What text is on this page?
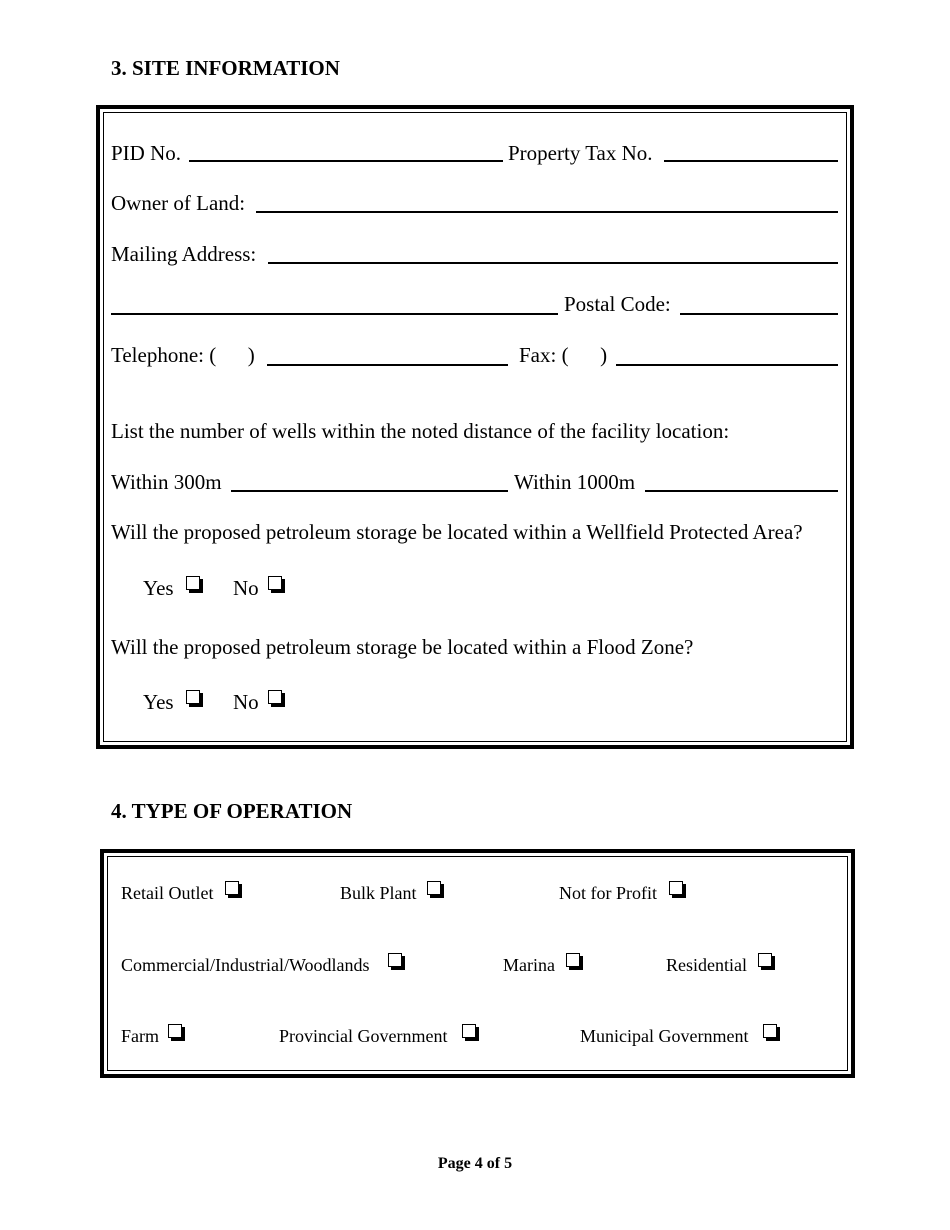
3. SITE INFORMATION
PID No.	Property Tax No.
Owner of Land:
Mailing Address:
Postal Code:
Telephone: (      )	Fax: (      )
List the number of wells within the noted distance of the facility location:
Within 300m	Within 1000m
Will the proposed petroleum storage be located within a Wellfield Protected Area?
Yes	No
Will the proposed petroleum storage be located within a Flood Zone?
Yes	No
4. TYPE OF OPERATION
Retail Outlet	Bulk Plant	Not for Profit
Commercial/Industrial/Woodlands	Marina	Residential
Farm	Provincial Government	Municipal Government
Page 4 of 5
